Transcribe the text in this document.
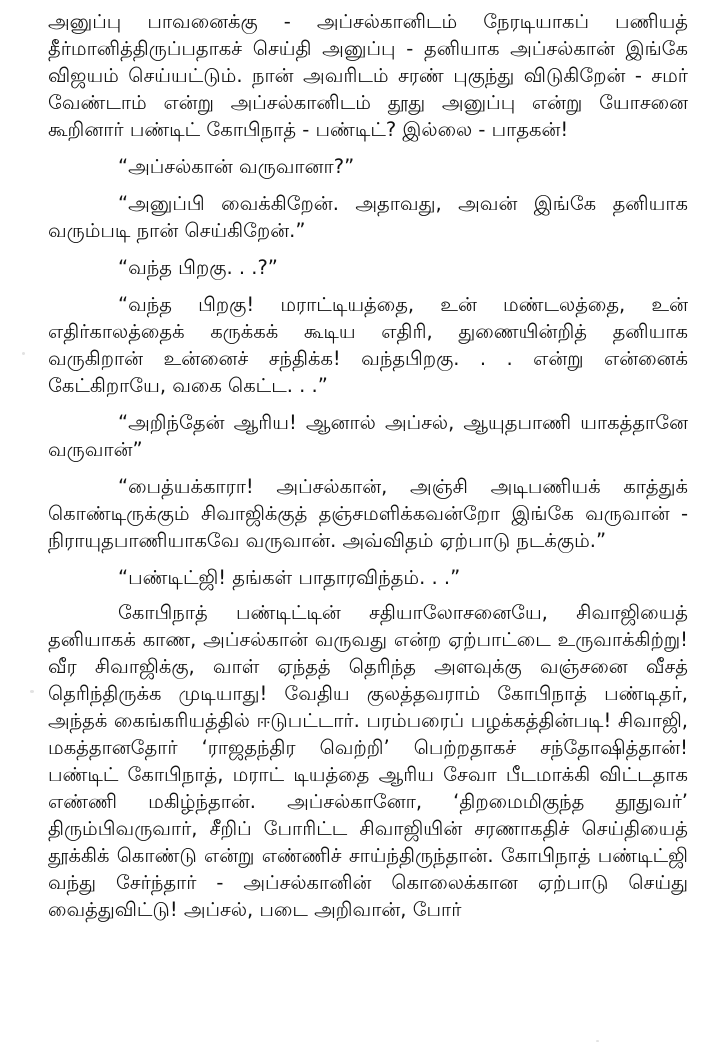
அனுப்பு பாவனைக்கு - அப்சல்கானிடம் நேரடியாகப் பணியத் தீர்மானித்திருப்பதாகச் செய்தி அனுப்பு - தனியாக அப்சல்கான் இங்கே விஜயம் செய்யட்டும். நான் அவரிடம் சரண் புகுந்து விடுகிறேன் - சமர் வேண்டாம் என்று அப்சல்கானிடம் தூது அனுப்பு என்று யோசனை கூறினார் பண்டிட் கோபிநாத் - பண்டிட்? இல்லை - பாதகன்!

“அப்சல்கான் வருவானா?”

“அனுப்பி வைக்கிறேன். அதாவது, அவன் இங்கே தனியாக வரும்படி நான் செய்கிறேன்.”

“வந்த பிறகு. . .?”

“வந்த பிறகு! மராட்டியத்தை, உன் மண்டலத்தை, உன் எதிர்காலத்தைக் கருக்கக் கூடிய எதிரி, துணையின்றித் தனியாக வருகிறான் உன்னைச் சந்திக்க! வந்தபிறகு. . . என்று என்னைக் கேட்கிறாயே, வகை கெட்ட. . .”

“அறிந்தேன் ஆரிய! ஆனால் அப்சல், ஆயுதபாணி யாகத்தானே வருவான்”

“பைத்யக்காரா! அப்சல்கான், அஞ்சி அடிபணியக் காத்துக் கொண்டிருக்கும் சிவாஜிக்குத் தஞ்சமளிக்கவன்றோ இங்கே வருவான் - நிராயுதபாணியாகவே வருவான். அவ்விதம் ஏற்பாடு நடக்கும்.”

“பண்டிட்ஜி! தங்கள் பாதாரவிந்தம். . .”

கோபிநாத் பண்டிட்டின் சதியாலோசனையே, சிவாஜியைத் தனியாகக் காண, அப்சல்கான் வருவது என்ற ஏற்பாட்டை உருவாக்கிற்று! வீர சிவாஜிக்கு, வாள் ஏந்தத் தெரிந்த அளவுக்கு வஞ்சனை வீசத் தெரிந்திருக்க முடியாது! வேதிய குலத்தவராம் கோபிநாத் பண்டிதர், அந்தக் கைங்கரியத்தில் ஈடுபட்டார். பரம்பரைப் பழக்கத்தின்படி! சிவாஜி, மகத்தானதோர் ‘ராஜதந்திர வெற்றி’ பெற்றதாகச் சந்தோஷித்தான்! பண்டிட் கோபிநாத், மராட் டியத்தை ஆரிய சேவா பீடமாக்கி விட்டதாக எண்ணி மகிழ்ந்தான். அப்சல்கானோ, ‘திறமைமிகுந்த தூதுவர்’ திரும்பிவருவார், சீறிப் போரிட்ட சிவாஜியின் சரணாகதிச் செய்தியைத் தூக்கிக் கொண்டு என்று எண்ணிச் சாய்ந்திருந்தான். கோபிநாத் பண்டிட்ஜி வந்து சேர்ந்தார் - அப்சல்கானின் கொலைக்கான ஏற்பாடு செய்து வைத்துவிட்டு! அப்சல், படை அறிவான், போர்
